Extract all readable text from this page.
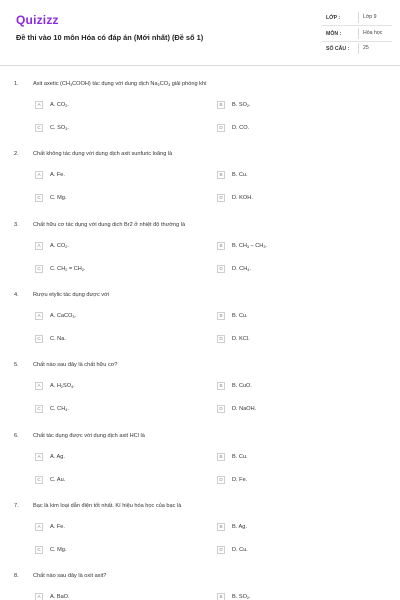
Quizizz
Đề thi vào 10 môn Hóa có đáp án (Mới nhất) (Đề số 1)
LỚP :	Lớp 9
MÔN :	Hóa học
SỐ CÂU :	25
1.	Axit axetic $(CH_3COOH)$ tác dụng với dung dịch $Na_2CO_3$ giải phóng khí
A	A. $CO_2$.	B	B. $SO_2$.
C	C. $SO_3$.	D	D. CO.
2.	Chất không tác dụng với dung dịch axit sunfuric loãng là
A	A. Fe.	B	B. Cu.
C	C. Mg.	D	D. KOH.
3.	Chất hữu cơ tác dụng với dung dịch Br2 ở nhiệt độ thường là
A	A. $CO_2$.	B	B. $CH_3 - CH_3$.
C	C. $CH_2 = CH_2$.	D	D. $CH_4$.
4.	Rượu etylic tác dụng được với
A	A. CaCO$_3$.	B	B. Cu.
C	C. Na.	D	D. KCl.
5.	Chất nào sau đây là chất hữu cơ?
A	A. $H_2SO_4$.	B	B. CuO.
C	C. $CH_4$.	D	D. NaOH.
6.	Chất tác dụng được với dung dịch axit HCl là
A	A. Ag.	B	B. Cu.
C	C. Au.	D	D. Fe.
7.	Bạc là kim loại dẫn điện tốt nhất. Kí hiệu hóa học của bạc là
A	A. Fe.	B	B. Ag.
C	C. Mg.	D	D. Cu.
8.	Chất nào sau đây là oxit axit?
A	A. BaO.	B	B. $SO_2$.
